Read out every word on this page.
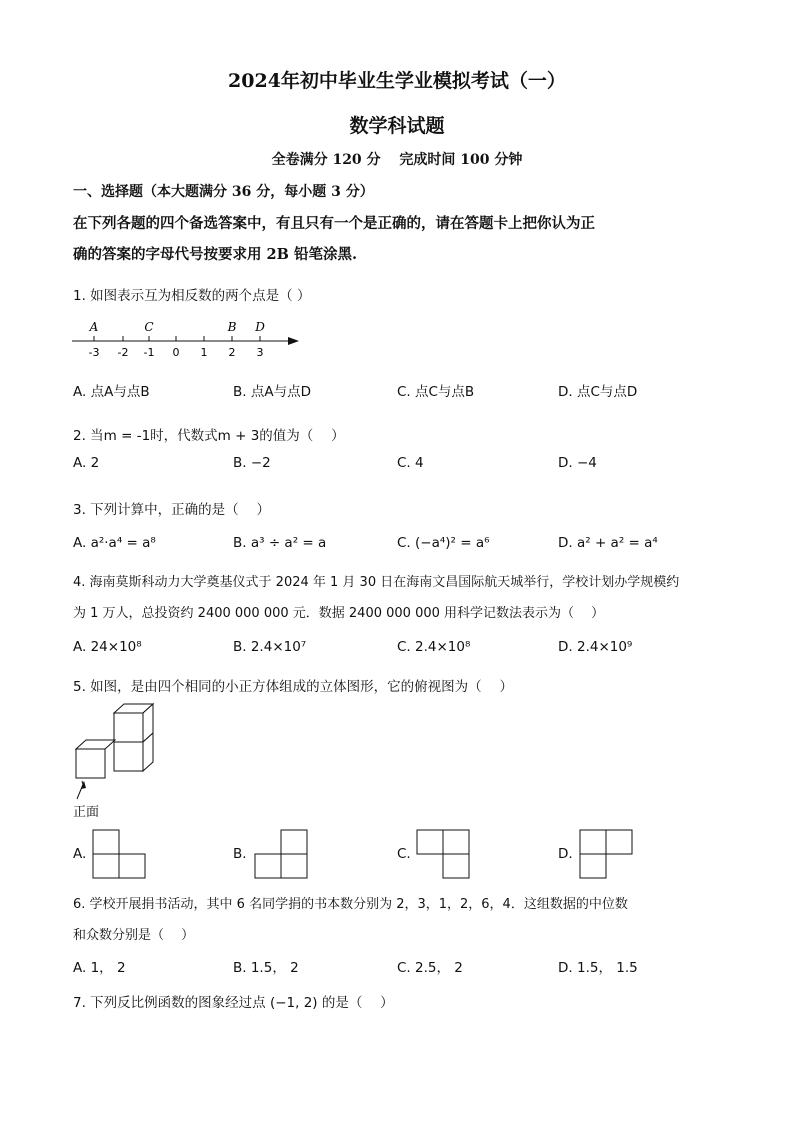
2024年初中毕业生学业模拟考试（一）
数学科试题
全卷满分 120 分　 完成时间 100 分钟
一、选择题（本大题满分 36 分，每小题 3 分）
在下列各题的四个备选答案中，有且只有一个是正确的，请在答题卡上把你认为正
确的答案的字母代号按要求用 2B 铅笔涂黑.
1. 如图表示互为相反数的两个点是（ ）
A	C	B D
-3 -2 -1 0 1 2 3
A. 点A与点B	B. 点A与点D	C. 点C与点B	D. 点C与点D
2. 当m = -1时，代数式m + 3的值为（　 ）
A. 2	B. −2	C. 4	D. −4
3. 下列计算中，正确的是（　 ）
A. a²·a⁴ = a⁸	B. a³ ÷ a² = a	C. (−a⁴)² = a⁶	D. a² + a² = a⁴
4. 海南莫斯科动力大学奠基仪式于 2024 年 1 月 30 日在海南文昌国际航天城举行，学校计划办学规模约
为 1 万人，总投资约 2400 000 000 元．数据 2400 000 000 用科学记数法表示为（　 ）
A. 24×10⁸	B. 2.4×10⁷	C. 2.4×10⁸	D. 2.4×10⁹
5. 如图，是由四个相同的小正方体组成的立体图形，它的俯视图为（　 ）
正面
A.	B.	C.	D.
6. 学校开展捐书活动，其中 6 名同学捐的书本数分别为 2，3，1，2，6，4．这组数据的中位数
和众数分别是（　 ）
A. 1， 2	B. 1.5， 2	C. 2.5， 2	D. 1.5， 1.5
7. 下列反比例函数的图象经过点 (−1, 2) 的是（　 ）
